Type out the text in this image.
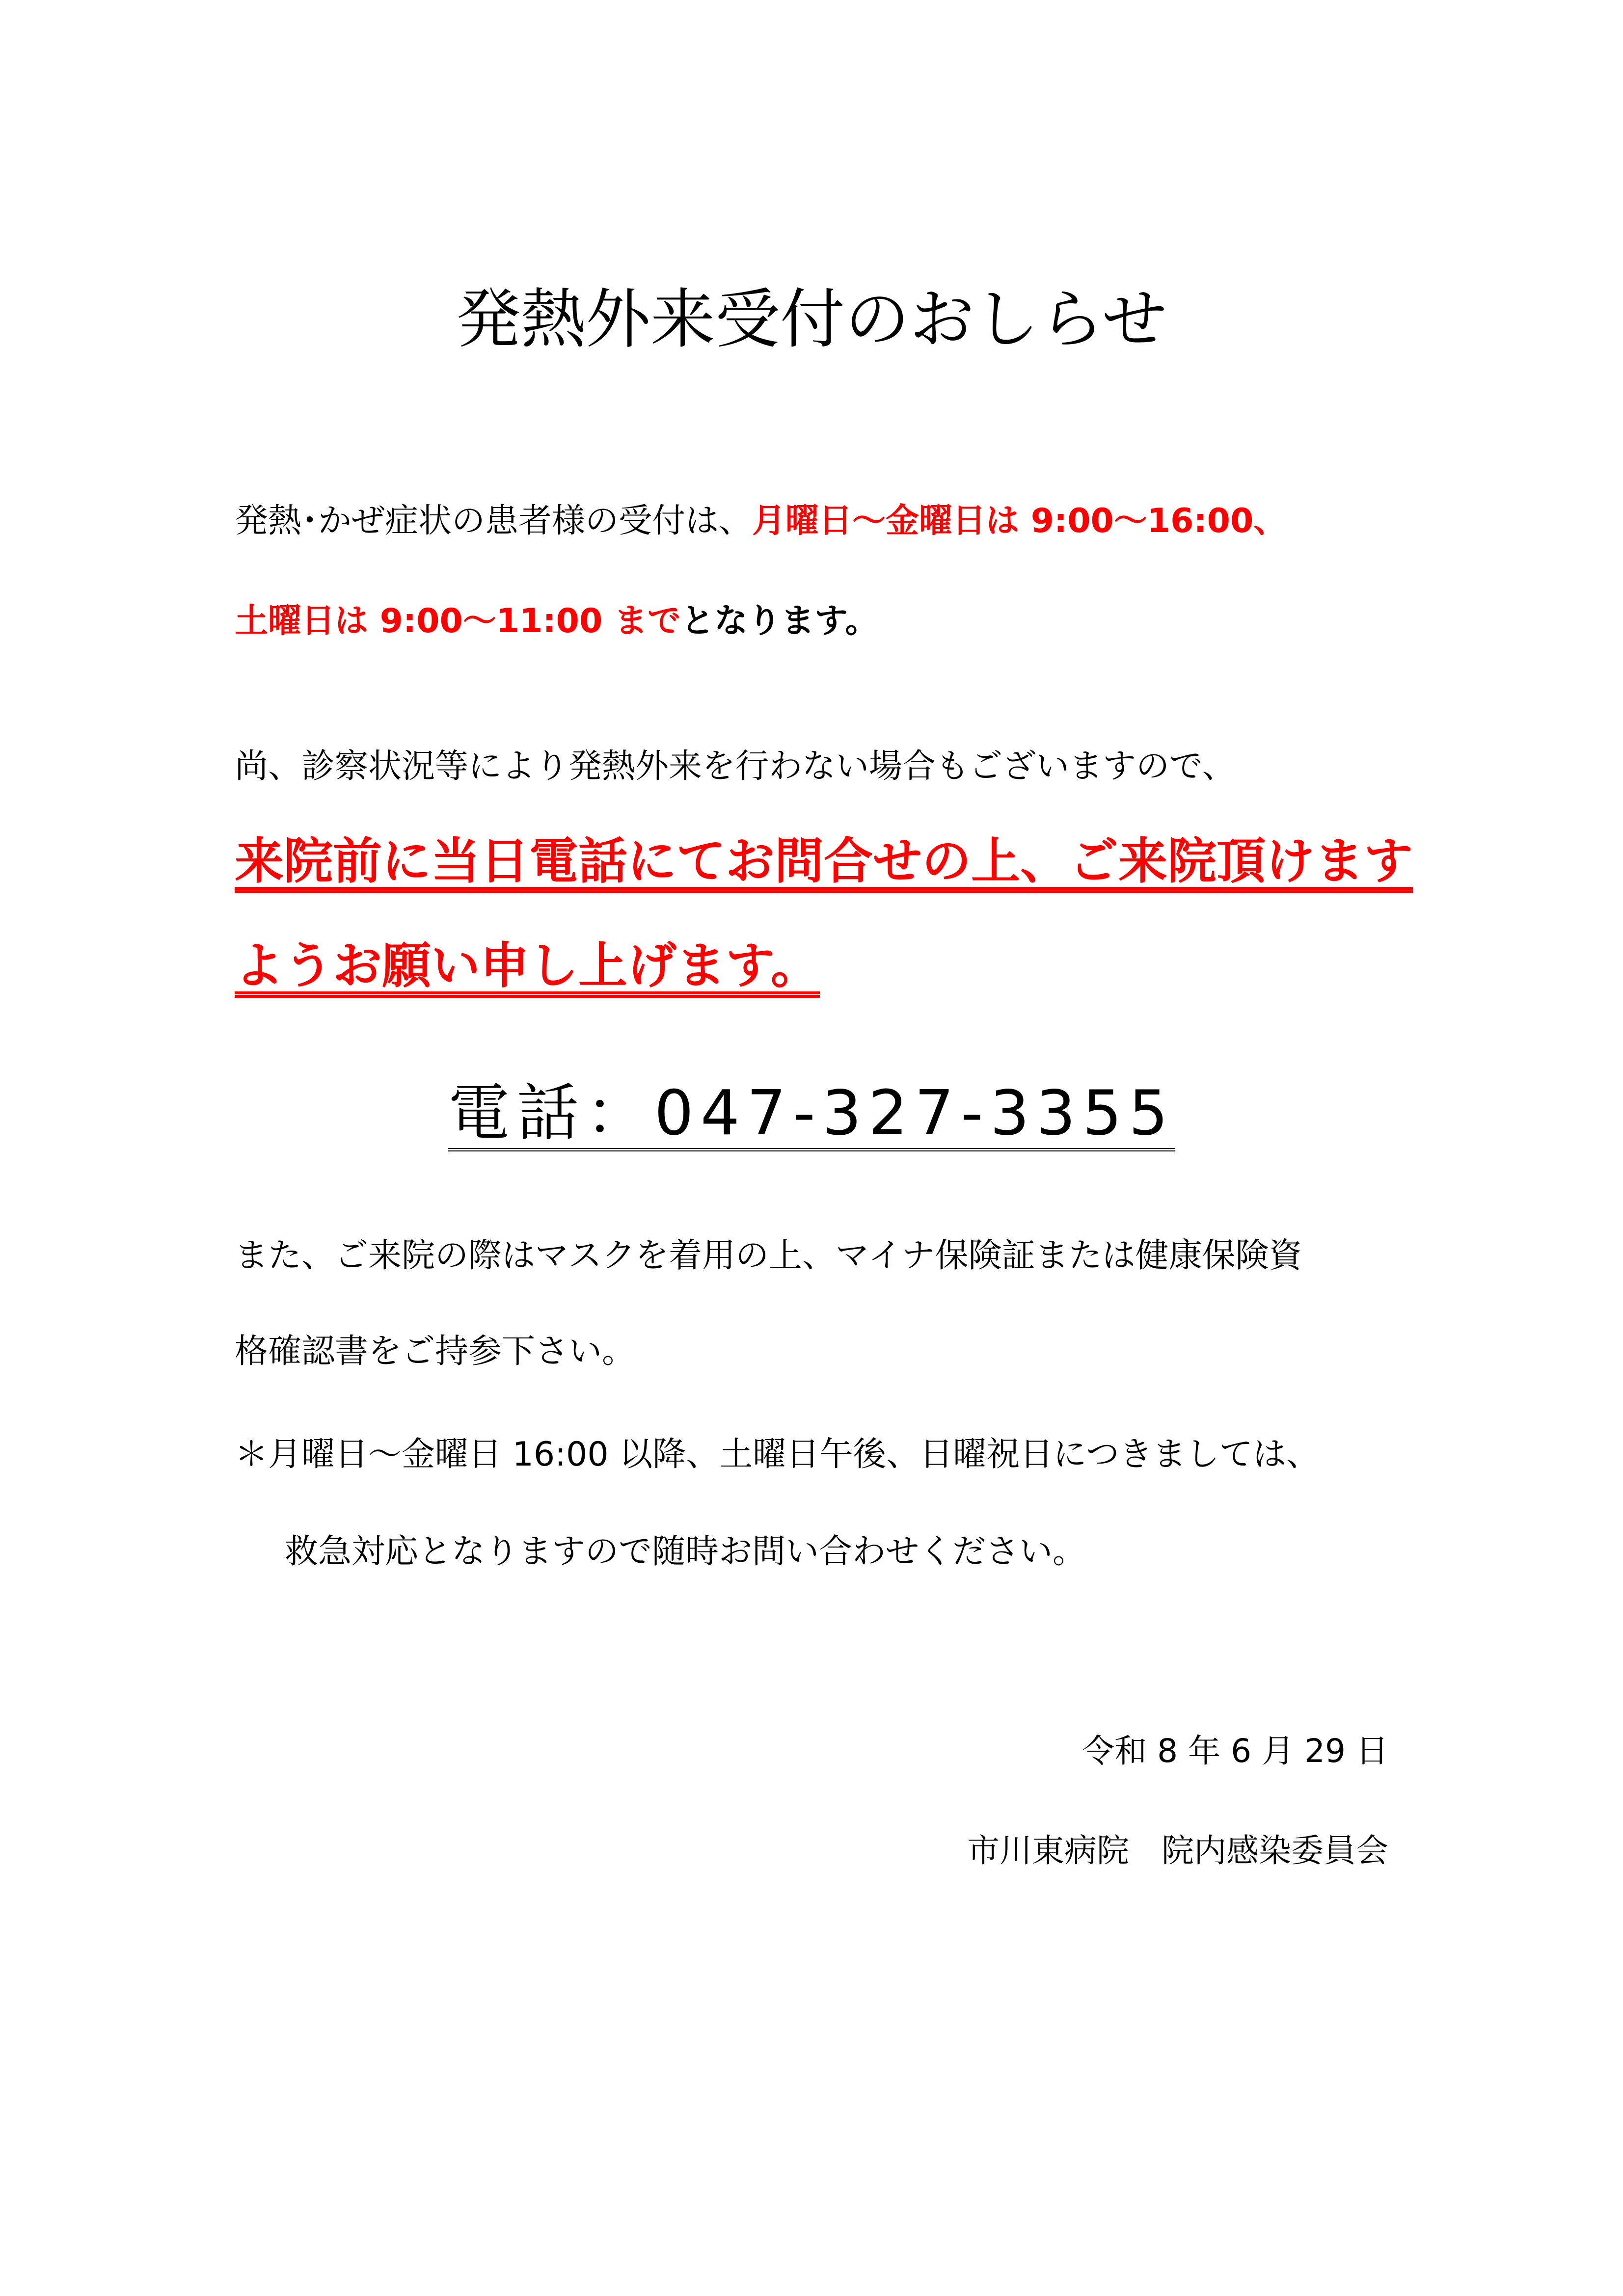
発熱外来受付のおしらせ
発熱･かぜ症状の患者様の受付は、月曜日～金曜日は 9:00～16:00、
土曜日は 9:00～11:00 までとなります。
尚、診察状況等により発熱外来を行わない場合もございますので、
来院前に当日電話にてお問合せの上、ご来院頂けます
ようお願い申し上げます。
電話：047-327-3355
また、ご来院の際はマスクを着用の上、マイナ保険証または健康保険資
格確認書をご持参下さい。
＊月曜日～金曜日 16:00 以降、土曜日午後、日曜祝日につきましては、
救急対応となりますので随時お問い合わせください。
令和 8 年 6 月 29 日
市川東病院　院内感染委員会
